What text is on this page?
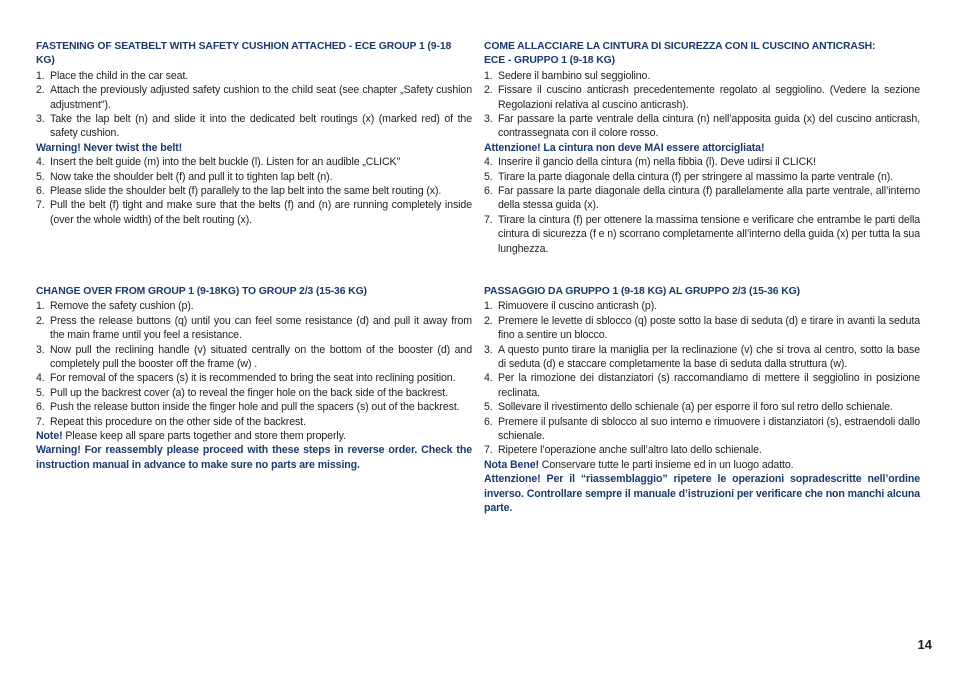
FASTENING OF SEATBELT WITH SAFETY CUSHION ATTACHED - ECE GROUP 1 (9-18 KG)
1. Place the child in the car seat.
2. Attach the previously adjusted safety cushion to the child seat (see chapter „Safety cushion adjustment").
3. Take the lap belt (n) and slide it into the dedicated belt routings (x) (marked red) of the safety cushion.
Warning! Never twist the belt!
4. Insert the belt guide (m) into the belt buckle (l). Listen for an audible „CLICK"
5. Now take the shoulder belt (f) and pull it to tighten lap belt (n).
6. Please slide the shoulder belt (f) parallely to the lap belt into the same belt routing (x).
7. Pull the belt (f) tight and make sure that the belts (f) and (n) are running completely inside (over the whole width) of the belt routing (x).
COME ALLACCIARE LA CINTURA DI SICUREZZA CON IL CUSCINO ANTICRASH:
ECE - GRUPPO 1 (9-18 KG)
1. Sedere il bambino sul seggiolino.
2. Fissare il cuscino anticrash precedentemente regolato al seggiolino. (Vedere la sezione Regolazioni relativa al cuscino anticrash).
3. Far passare la parte ventrale della cintura (n) nell’apposita guida (x) del cuscino anticrash, contrassegnata con il colore rosso.
Attenzione! La cintura non deve MAI essere attorcigliata!
4. Inserire il gancio della cintura (m) nella fibbia (l). Deve udirsi il CLICK!
5. Tirare la parte diagonale della cintura (f) per stringere al massimo la parte ventrale (n).
6. Far passare la parte diagonale della cintura (f) parallelamente alla parte ventrale, all’interno della stessa guida (x).
7. Tirare la cintura (f) per ottenere la massima tensione e verificare che entrambe le parti della cintura di sicurezza (f e n) scorrano completamente all’interno della guida (x) per tutta la sua lunghezza.
CHANGE OVER FROM GROUP 1 (9-18KG) TO GROUP 2/3 (15-36 KG)
1. Remove the safety cushion (p).
2. Press the release buttons (q) until you can feel some resistance (d) and pull it away from the main frame until you feel a resistance.
3. Now pull the reclining handle (v) situated centrally on the bottom of the booster (d) and completely pull the booster off the frame (w) .
4. For removal of the spacers (s) it is recommended to bring the seat into reclining position.
5. Pull up the backrest cover (a) to reveal the finger hole on the back side of the backrest.
6. Push the release button inside the finger hole and pull the spacers (s) out of the backrest.
7. Repeat this procedure on the other side of the backrest.
Note! Please keep all spare parts together and store them properly.
Warning! For reassembly please proceed with these steps in reverse order. Check the instruction manual in advance to make sure no parts are missing.
PASSAGGIO DA GRUPPO 1 (9-18 KG) AL GRUPPO 2/3 (15-36 KG)
1. Rimuovere il cuscino anticrash (p).
2. Premere le levette di sblocco (q) poste sotto la base di seduta (d) e tirare in avanti la seduta fino a sentire un blocco.
3. A questo punto tirare la maniglia per la reclinazione (v) che si trova al centro, sotto la base di seduta (d) e staccare completamente la base di seduta dalla struttura (w).
4. Per la rimozione dei distanziatori (s) raccomandiamo di mettere il seggiolino in posizione reclinata.
5. Sollevare il rivestimento dello schienale (a) per esporre il foro sul retro dello schienale.
6. Premere il pulsante di sblocco al suo interno e rimuovere i distanziatori (s), estraendoli dallo schienale.
7. Ripetere l’operazione anche sull’altro lato dello schienale.
Nota Bene! Conservare tutte le parti insieme ed in un luogo adatto.
Attenzione! Per il “riassemblaggio” ripetere le operazioni sopradescritte nell’ordine inverso. Controllare sempre il manuale d’istruzioni per verificare che non manchi alcuna parte.
14
